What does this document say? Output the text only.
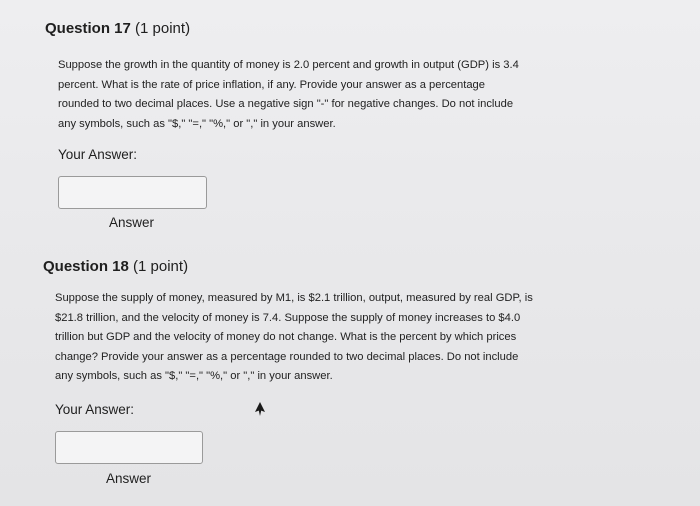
Question 17 (1 point)
Suppose the growth in the quantity of money is 2.0 percent and growth in output (GDP) is 3.4
percent. What is the rate of price inflation, if any. Provide your answer as a percentage
rounded to two decimal places. Use a negative sign "-" for negative changes. Do not include
any symbols, such as "$," "=," "%," or "," in your answer.
Your Answer:
Answer
Question 18 (1 point)
Suppose the supply of money, measured by M1, is $2.1 trillion, output, measured by real GDP, is
$21.8 trillion, and the velocity of money is 7.4. Suppose the supply of money increases to $4.0
trillion but GDP and the velocity of money do not change. What is the percent by which prices
change? Provide your answer as a percentage rounded to two decimal places. Do not include
any symbols, such as "$," "=," "%," or "," in your answer.
Your Answer:
Answer
